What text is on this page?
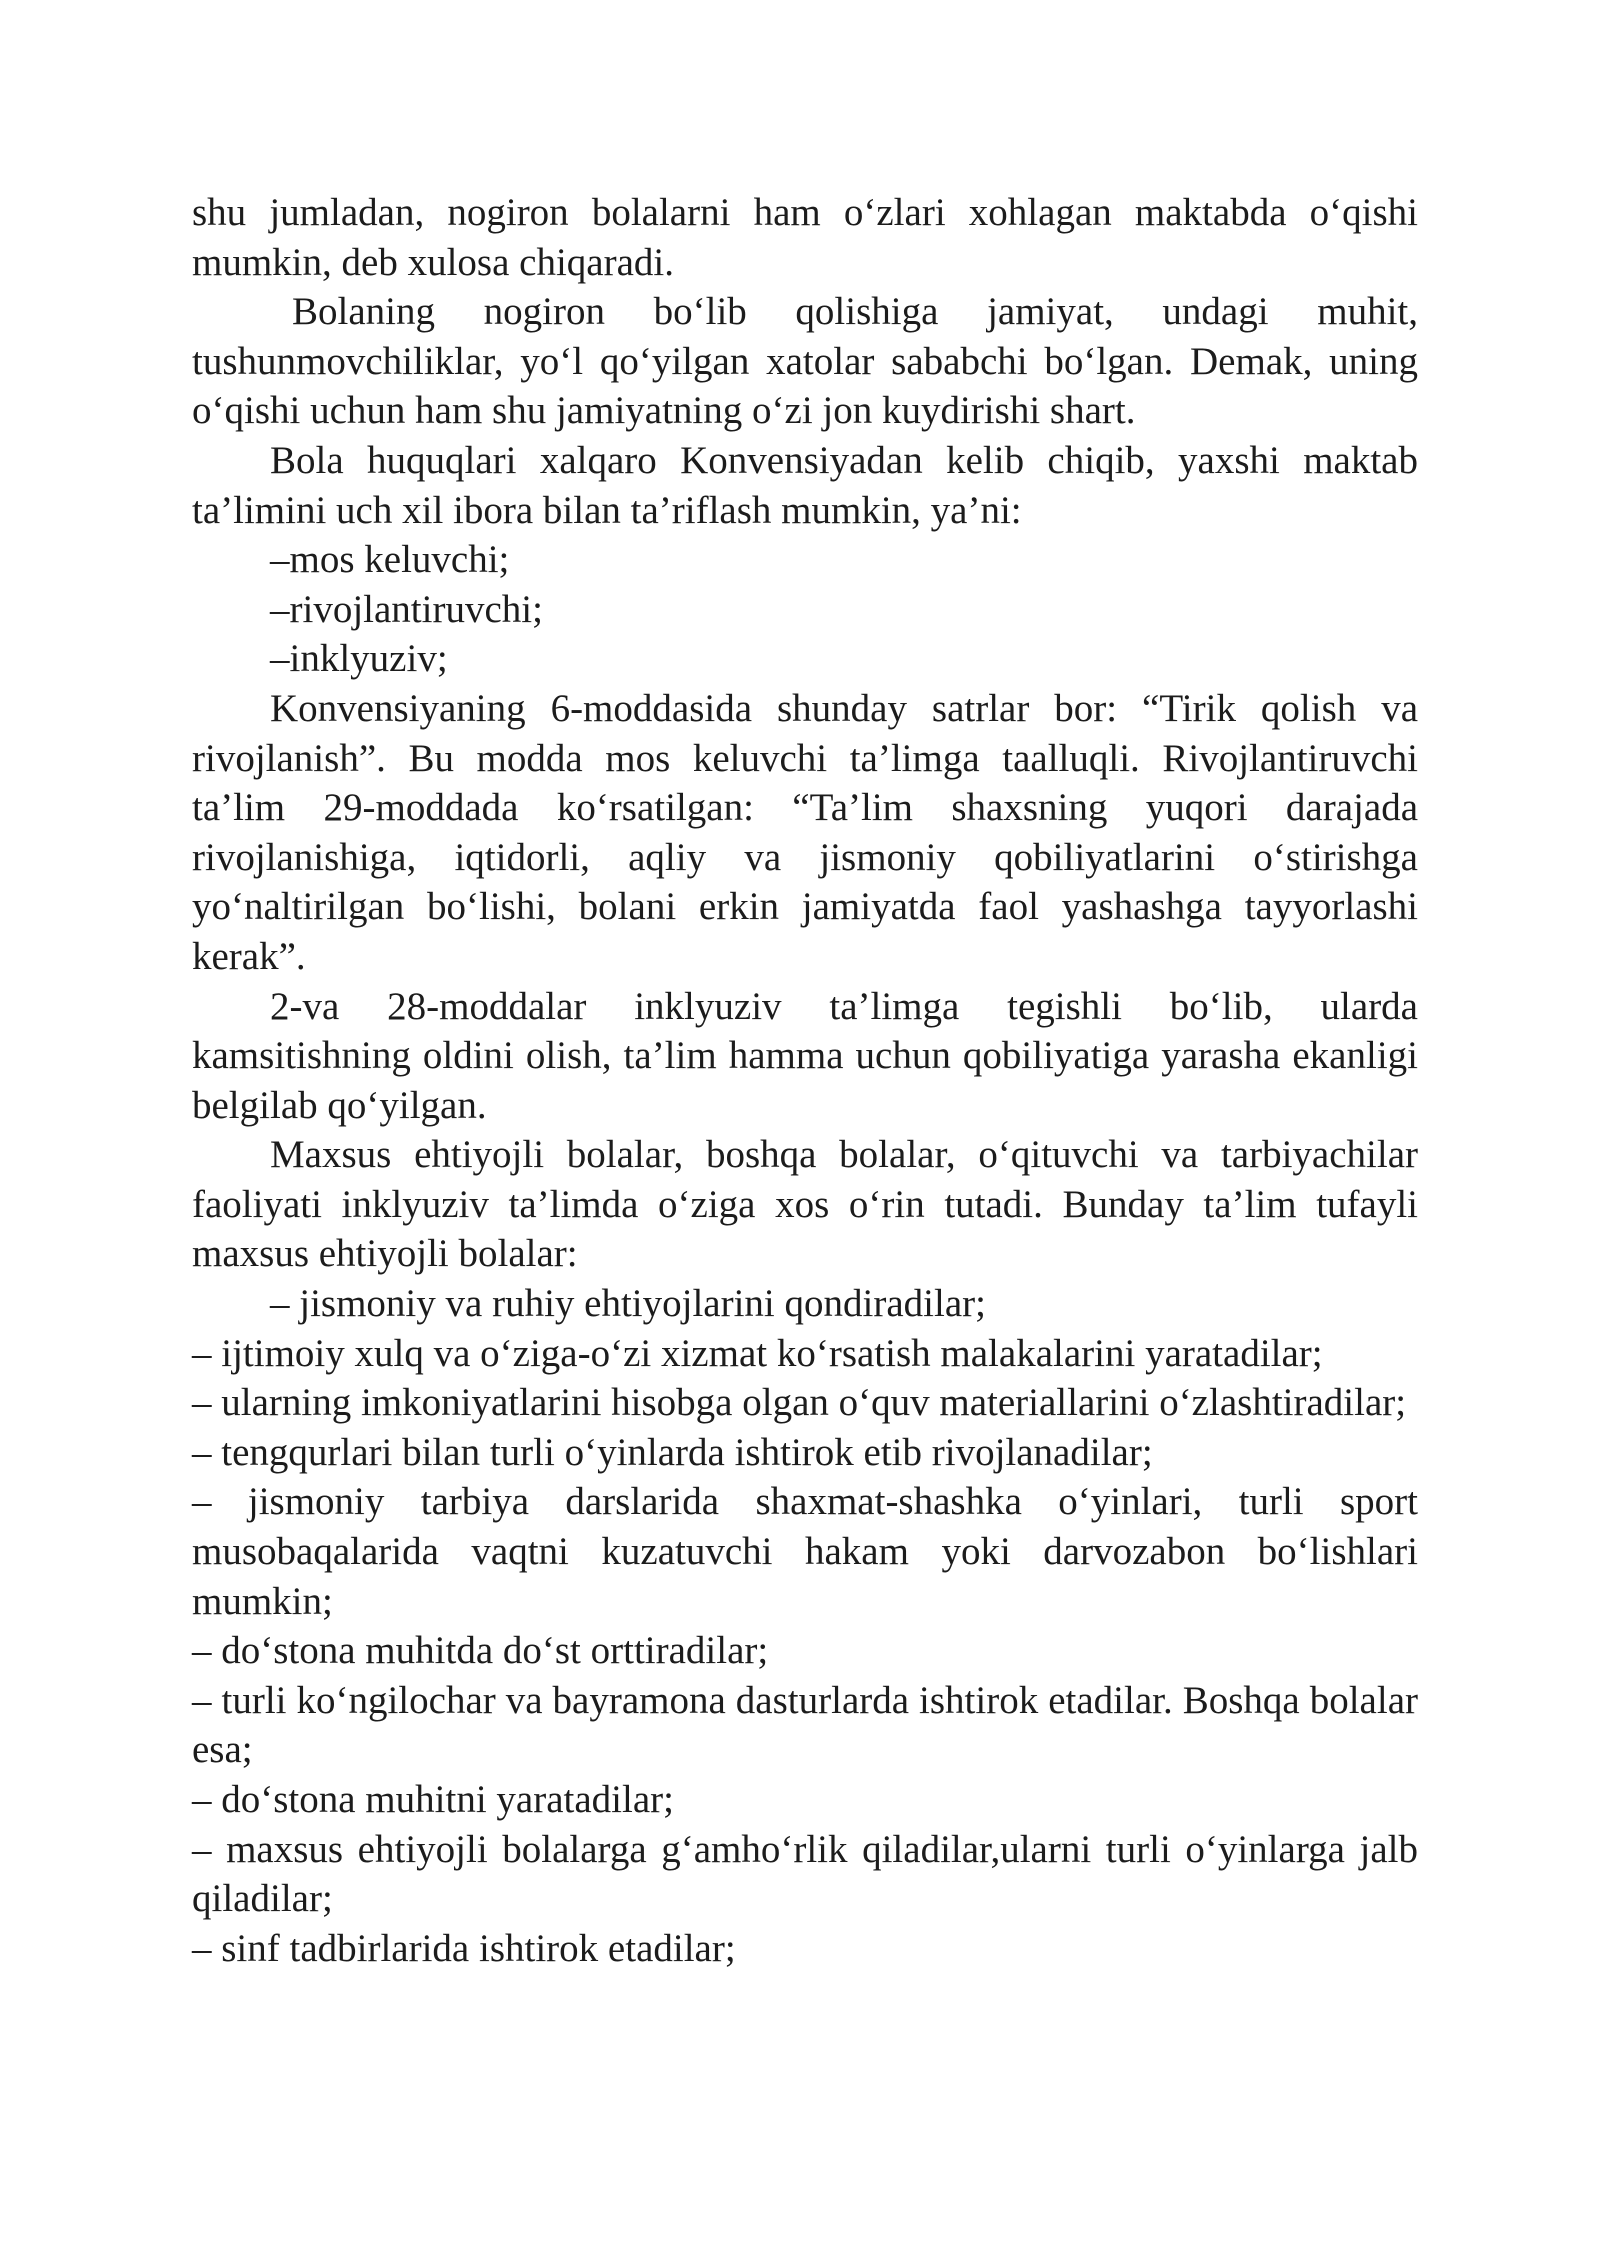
shu jumladan, nogiron bolalarni ham o‘zlari xohlagan maktabda o‘qishi mumkin, deb xulosa chiqaradi.

Bolaning nogiron bo‘lib qolishiga jamiyat, undagi muhit, tushunmovchiliklar, yo‘l qo‘yilgan xatolar sababchi bo‘lgan. Demak, uning o‘qishi uchun ham shu jamiyatning o‘zi jon kuydirishi shart.

Bola huquqlari xalqaro Konvensiyadan kelib chiqib, yaxshi maktab ta’limini uch xil ibora bilan ta’riflash mumkin, ya’ni:

–mos keluvchi;

–rivojlantiruvchi;

–inklyuziv;

Konvensiyaning 6-moddasida shunday satrlar bor: “Tirik qolish va rivojlanish”. Bu modda mos keluvchi ta’limga taalluqli. Rivojlantiruvchi ta’lim 29-moddada ko‘rsatilgan: “Ta’lim shaxsning yuqori darajada rivojlanishiga, iqtidorli, aqliy va jismoniy qobiliyatlarini o‘stirishga yo‘naltirilgan bo‘lishi, bolani erkin jamiyatda faol yashashga tayyorlashi kerak”.

2-va 28-moddalar inklyuziv ta’limga tegishli bo‘lib, ularda kamsitishning oldini olish, ta’lim hamma uchun qobiliyatiga yarasha ekanligi belgilab qo‘yilgan.

Maxsus ehtiyojli bolalar, boshqa bolalar, o‘qituvchi va tarbiyachilar faoliyati inklyuziv ta’limda o‘ziga xos o‘rin tutadi. Bunday ta’lim tufayli maxsus ehtiyojli bolalar:

– jismoniy va ruhiy ehtiyojlarini qondiradilar;

– ijtimoiy xulq va o‘ziga-o‘zi xizmat ko‘rsatish malakalarini yaratadilar;

– ularning imkoniyatlarini hisobga olgan o‘quv materiallarini o‘zlashtiradilar;

– tengqurlari bilan turli o‘yinlarda ishtirok etib rivojlanadilar;

– jismoniy tarbiya darslarida shaxmat-shashka o‘yinlari, turli sport musobaqalarida vaqtni kuzatuvchi hakam yoki darvozabon bo‘lishlari mumkin;

– do‘stona muhitda do‘st orttiradilar;

– turli ko‘ngilochar va bayramona dasturlarda ishtirok etadilar. Boshqa bolalar esa;

– do‘stona muhitni yaratadilar;

– maxsus ehtiyojli bolalarga g‘amho‘rlik qiladilar,ularni turli o‘yinlarga jalb qiladilar;

– sinf tadbirlarida ishtirok etadilar;
